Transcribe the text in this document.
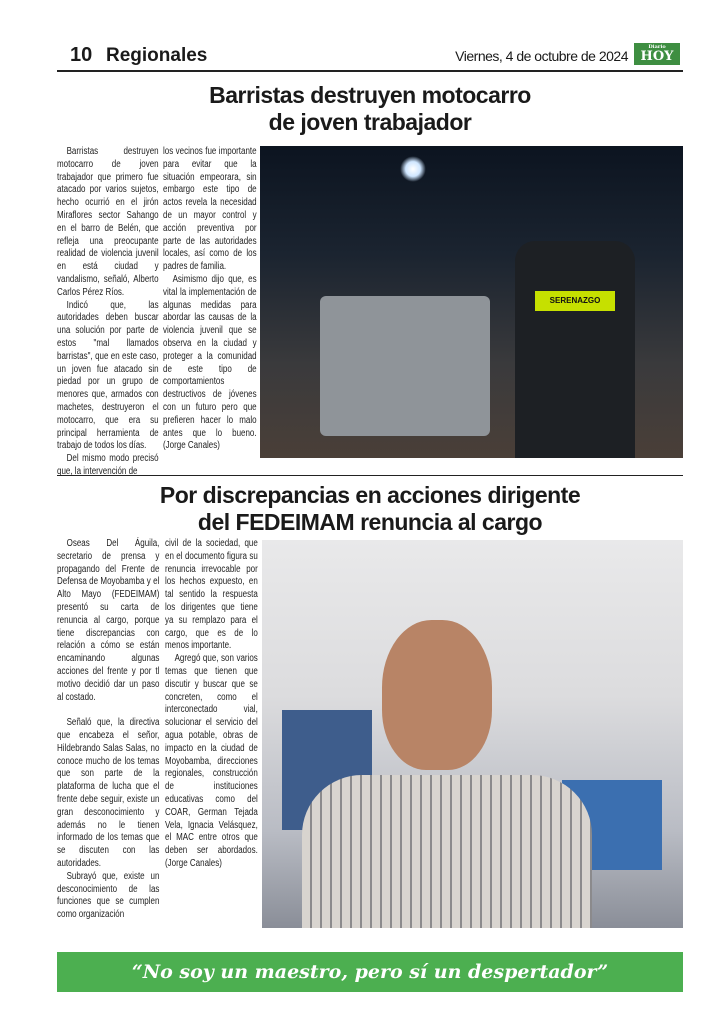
10 Regionales	Viernes, 4 de octubre de 2024
Diario
HOY
Barristas destruyen motocarro
de joven trabajador

Barristas destruyen motocarro de joven trabajador que primero fue atacado por varios sujetos, hecho ocurrió en el jirón Miraflores sector Sahango en el barro de Belén, que refleja una preocupante realidad de violencia juvenil en está ciudad y vandalismo, señaló, Alberto Carlos Pérez Ríos.

Indicó que, las autoridades deben buscar una solución por parte de estos "mal llamados barristas", que en este caso, un joven fue atacado sin piedad por un grupo de menores que, armados con machetes, destruyeron el motocarro, que era su principal herramienta de trabajo de todos los días.

Del mismo modo precisó que, la intervención de

los vecinos fue importante para evitar que la situación empeorara, sin embargo este tipo de actos revela la necesidad de un mayor control y acción preventiva por parte de las autoridades locales, así como de los padres de familia.

Asimismo dijo que, es vital la implementación de algunas medidas para abordar las causas de la violencia juvenil que se observa en la ciudad y proteger a la comunidad de este tipo de comportamientos destructivos de jóvenes con un futuro pero que prefieren hacer lo malo antes que lo bueno. (Jorge Canales)

SERENAZGO
Por discrepancias en acciones dirigente
del FEDEIMAM renuncia al cargo

Oseas Del Águila, secretario de prensa y propagando del Frente de Defensa de Moyobamba y el Alto Mayo (FEDEIMAM) presentó su carta de renuncia al cargo, porque tiene discrepancias con relación a cómo se están encaminando algunas acciones del frente y por tl motivo decidió dar un paso al costado.

Señaló que, la directiva que encabeza el señor, Hildebrando Salas Salas, no conoce mucho de los temas que son parte de la plataforma de lucha que el frente debe seguir, existe un gran desconocimiento y además no le tienen informado de los temas que se discuten con las autoridades.

Subrayó que, existe un desconocimiento de las funciones que se cumplen como organización

civil de la sociedad, que en el documento figura su renuncia irrevocable por los hechos expuesto, en tal sentido la respuesta los dirigentes que tiene ya su remplazo para el cargo, que es de lo menos importante.

Agregó que, son varios temas que tienen que discutir y buscar que se concreten, como el interconectado vial, solucionar el servicio del agua potable, obras de impacto en la ciudad de Moyobamba, direcciones regionales, construcción de instituciones educativas como del COAR, German Tejada Vela, Ignacia Velásquez, el MAC entre otros que deben ser abordados. (Jorge Canales)

“No soy un maestro, pero sí un despertador”
